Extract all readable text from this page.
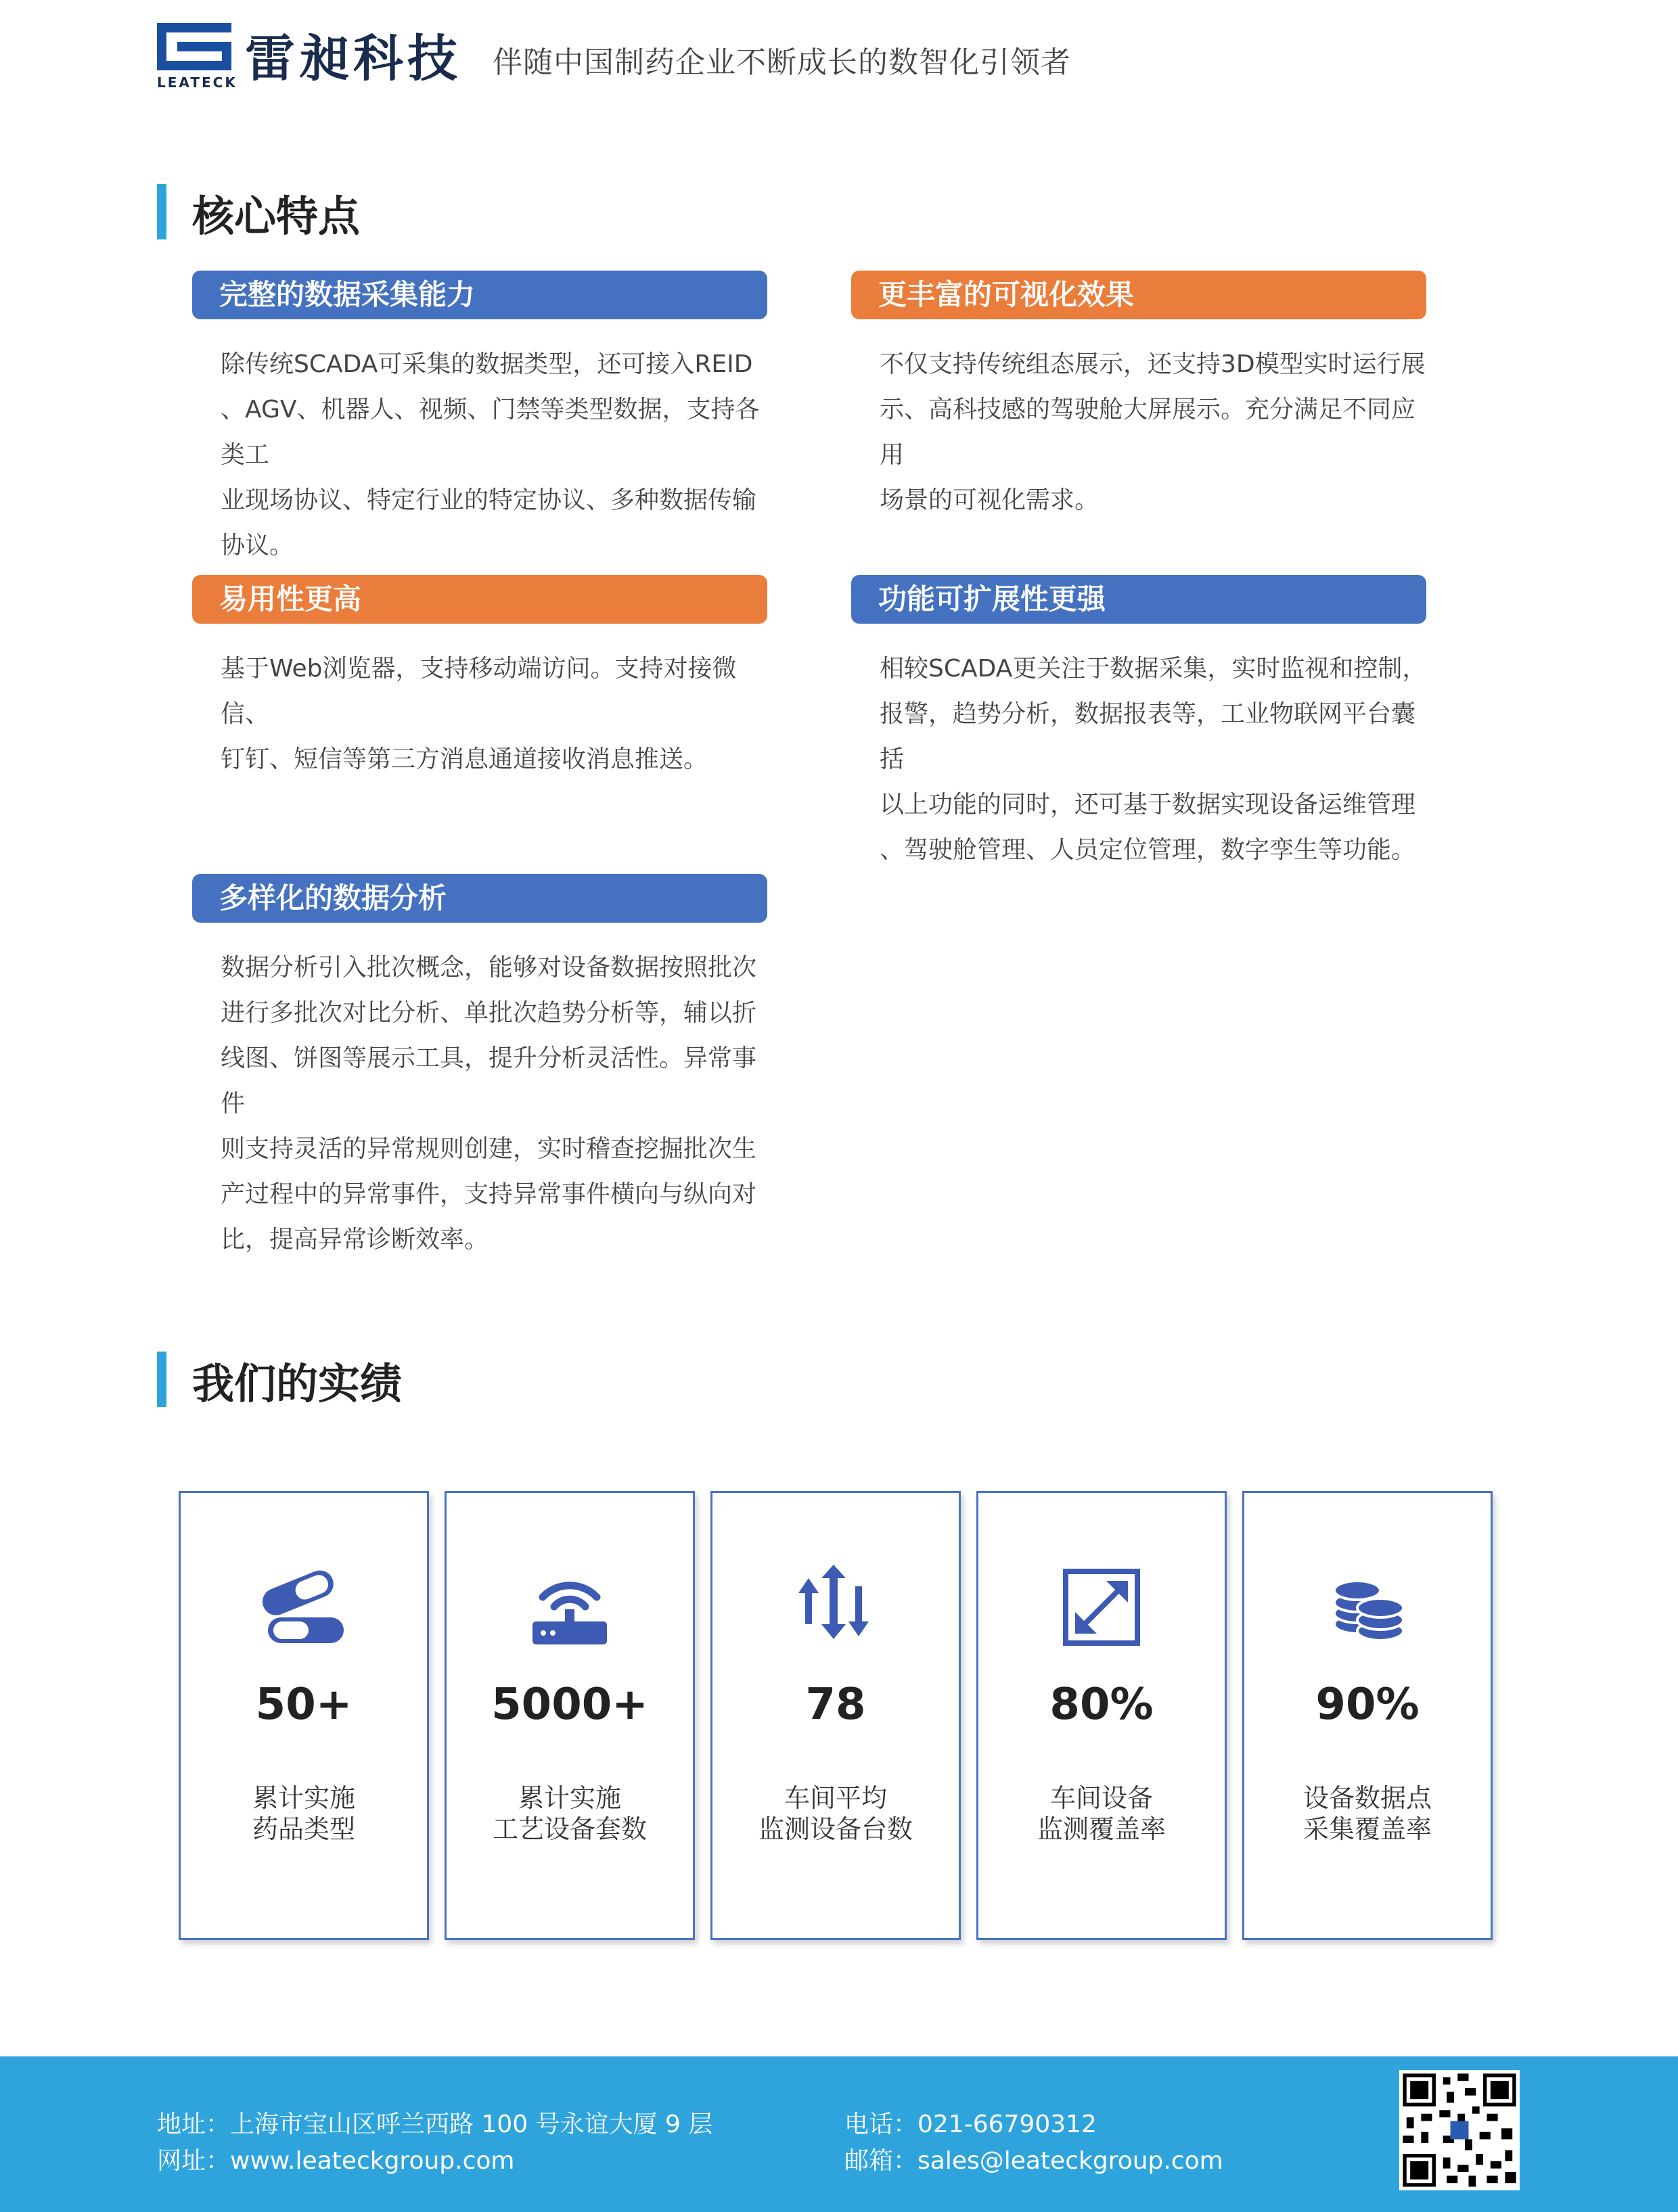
LEATECK 雷昶科技 伴随中国制药企业不断成长的数智化引领者
核心特点
完整的数据采集能力
除传统SCADA可采集的数据类型，还可接入REID
、AGV、机器人、视频、门禁等类型数据，支持各类工
业现场协议、特定行业的特定协议、多种数据传输
协议。
更丰富的可视化效果
不仅支持传统组态展示，还支持3D模型实时运行展
示、高科技感的驾驶舱大屏展示。充分满足不同应用
场景的可视化需求。
易用性更高
基于Web浏览器，支持移动端访问。支持对接微信、
钉钉、短信等第三方消息通道接收消息推送。
功能可扩展性更强
相较SCADA更关注于数据采集，实时监视和控制，
报警，趋势分析，数据报表等，工业物联网平台囊括
以上功能的同时，还可基于数据实现设备运维管理
、驾驶舱管理、人员定位管理，数字孪生等功能。
多样化的数据分析
数据分析引入批次概念，能够对设备数据按照批次
进行多批次对比分析、单批次趋势分析等，辅以折
线图、饼图等展示工具，提升分析灵活性。异常事件
则支持灵活的异常规则创建，实时稽查挖掘批次生
产过程中的异常事件，支持异常事件横向与纵向对
比，提高异常诊断效率。
我们的实绩
50+
累计实施
药品类型
5000+
累计实施
工艺设备套数
78
车间平均
监测设备台数
80%
车间设备
监测覆盖率
90%
设备数据点
采集覆盖率
地址：上海市宝山区呼兰西路 100 号永谊大厦 9 层
网址：www.leateckgroup.com
电话：021-66790312
邮箱：sales@leateckgroup.com
